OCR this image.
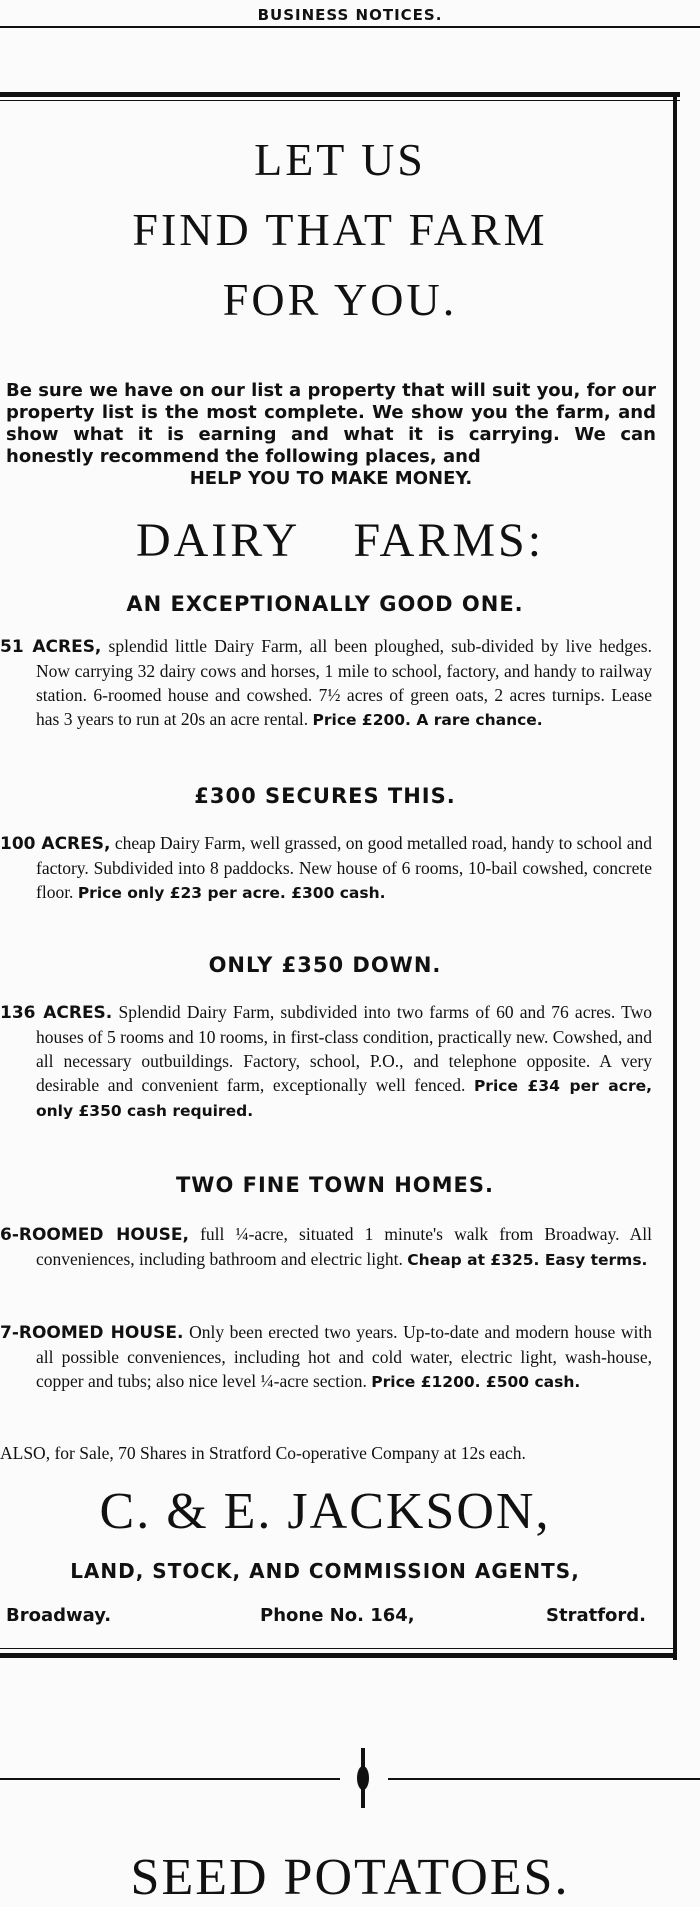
BUSINESS NOTICES.
LET US
FIND THAT FARM
FOR YOU.

Be sure we have on our list a property that will suit you, for our property list is the most complete. We show you the farm, and show what it is earning and what it is carrying. We can honestly recommend the following places, and

HELP YOU TO MAKE MONEY.

DAIRY FARMS:
AN EXCEPTIONALLY GOOD ONE.

51 ACRES, splendid little Dairy Farm, all been ploughed, sub-divided by live hedges. Now carrying 32 dairy cows and horses, 1 mile to school, factory, and handy to railway station. 6-roomed house and cowshed. 7½ acres of green oats, 2 acres turnips. Lease has 3 years to run at 20s an acre rental. Price £200. A rare chance.

£300 SECURES THIS.

100 ACRES, cheap Dairy Farm, well grassed, on good metalled road, handy to school and factory. Subdivided into 8 paddocks. New house of 6 rooms, 10-bail cowshed, concrete floor. Price only £23 per acre. £300 cash.

ONLY £350 DOWN.

136 ACRES. Splendid Dairy Farm, subdivided into two farms of 60 and 76 acres. Two houses of 5 rooms and 10 rooms, in first-class condition, practically new. Cowshed, and all necessary outbuildings. Factory, school, P.O., and telephone opposite. A very desirable and convenient farm, exceptionally well fenced. Price £34 per acre, only £350 cash required.

TWO FINE TOWN HOMES.

6-ROOMED HOUSE, full ¼-acre, situated 1 minute's walk from Broadway. All conveniences, including bathroom and electric light. Cheap at £325. Easy terms.

7-ROOMED HOUSE. Only been erected two years. Up-to-date and modern house with all possible conveniences, including hot and cold water, electric light, wash-house, copper and tubs; also nice level ¼-acre section. Price £1200. £500 cash.

ALSO, for Sale, 70 Shares in Stratford Co-operative Company at 12s each.
C. & E. JACKSON,
LAND, STOCK, AND COMMISSION AGENTS,
Broadway.	Phone No. 164,	Stratford.
SEED POTATOES.
